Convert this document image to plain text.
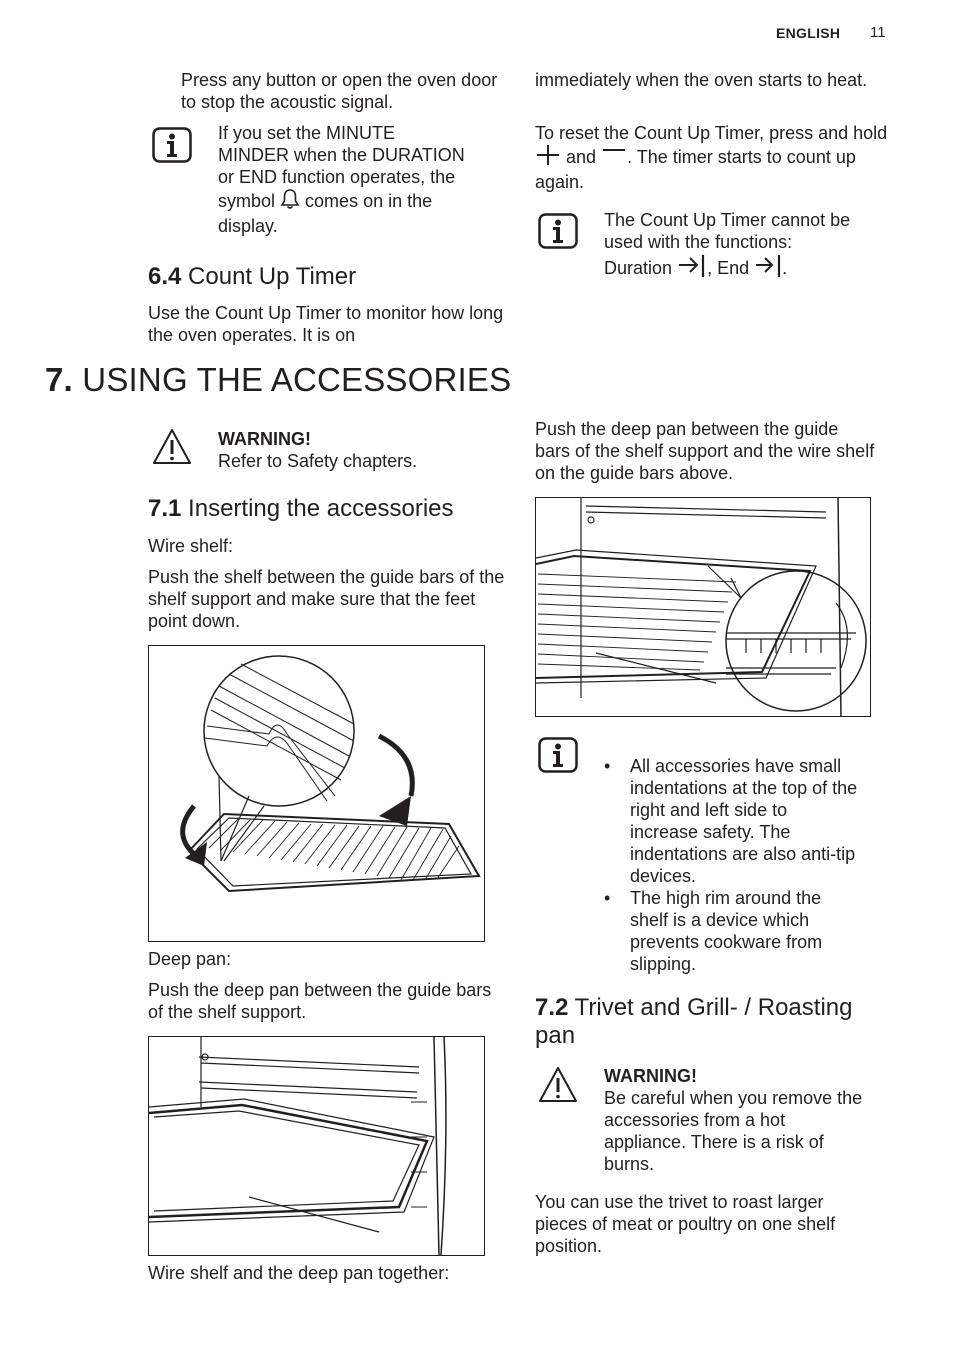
ENGLISH 11
Press any button or open the oven door to stop the acoustic signal.
If you set the MINUTE MINDER when the DURATION or END function operates, the symbol comes on in the display.
6.4 Count Up Timer
Use the Count Up Timer to monitor how long the oven operates. It is on
immediately when the oven starts to heat.
To reset the Count Up Timer, press and hold  and . The timer starts to count up again.
The Count Up Timer cannot be used with the functions: Duration , End .
7. USING THE ACCESSORIES
WARNING!
Refer to Safety chapters.
7.1 Inserting the accessories
Wire shelf:
Push the shelf between the guide bars of the shelf support and make sure that the feet point down.
Deep pan:
Push the deep pan between the guide bars of the shelf support.
Wire shelf and the deep pan together:
Push the deep pan between the guide bars of the shelf support and the wire shelf on the guide bars above.
• All accessories have small indentations at the top of the right and left side to increase safety. The indentations are also anti-tip devices.
• The high rim around the shelf is a device which prevents cookware from slipping.
7.2 Trivet and Grill- / Roasting pan
WARNING!
Be careful when you remove the accessories from a hot appliance. There is a risk of burns.
You can use the trivet to roast larger pieces of meat or poultry on one shelf position.
